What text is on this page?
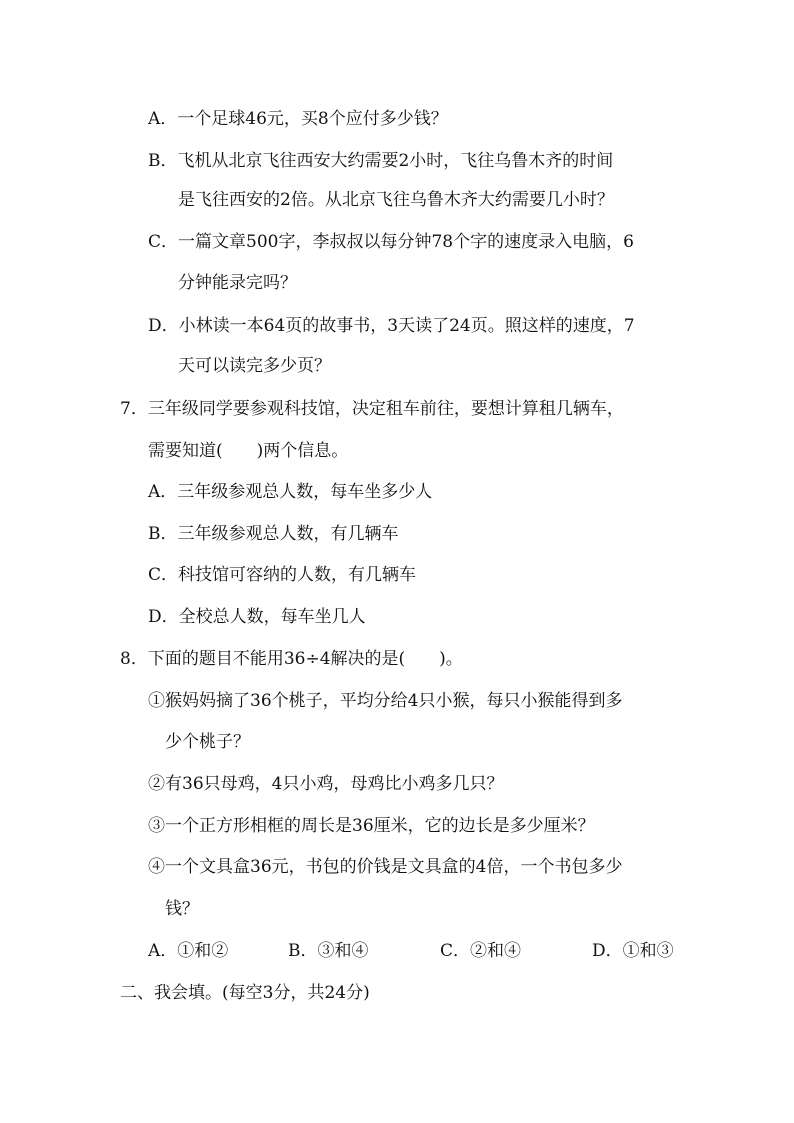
A．一个足球46元，买8个应付多少钱？
B．飞机从北京飞往西安大约需要2小时，飞往乌鲁木齐的时间
是飞往西安的2倍。从北京飞往乌鲁木齐大约需要几小时？
C．一篇文章500字，李叔叔以每分钟78个字的速度录入电脑，6
分钟能录完吗？
D．小林读一本64页的故事书，3天读了24页。照这样的速度，7
天可以读完多少页？
7．三年级同学要参观科技馆，决定租车前往，要想计算租几辆车，
需要知道(　　)两个信息。
A．三年级参观总人数，每车坐多少人
B．三年级参观总人数，有几辆车
C．科技馆可容纳的人数，有几辆车
D．全校总人数，每车坐几人
8．下面的题目不能用36÷4解决的是(　　)。
①猴妈妈摘了36个桃子，平均分给4只小猴，每只小猴能得到多
少个桃子？
②有36只母鸡，4只小鸡，母鸡比小鸡多几只？
③一个正方形相框的周长是36厘米，它的边长是多少厘米？
④一个文具盒36元，书包的价钱是文具盒的4倍，一个书包多少
钱？
A．①和②	B．③和④	C．②和④	D．①和③
二、我会填。(每空3分，共24分)
